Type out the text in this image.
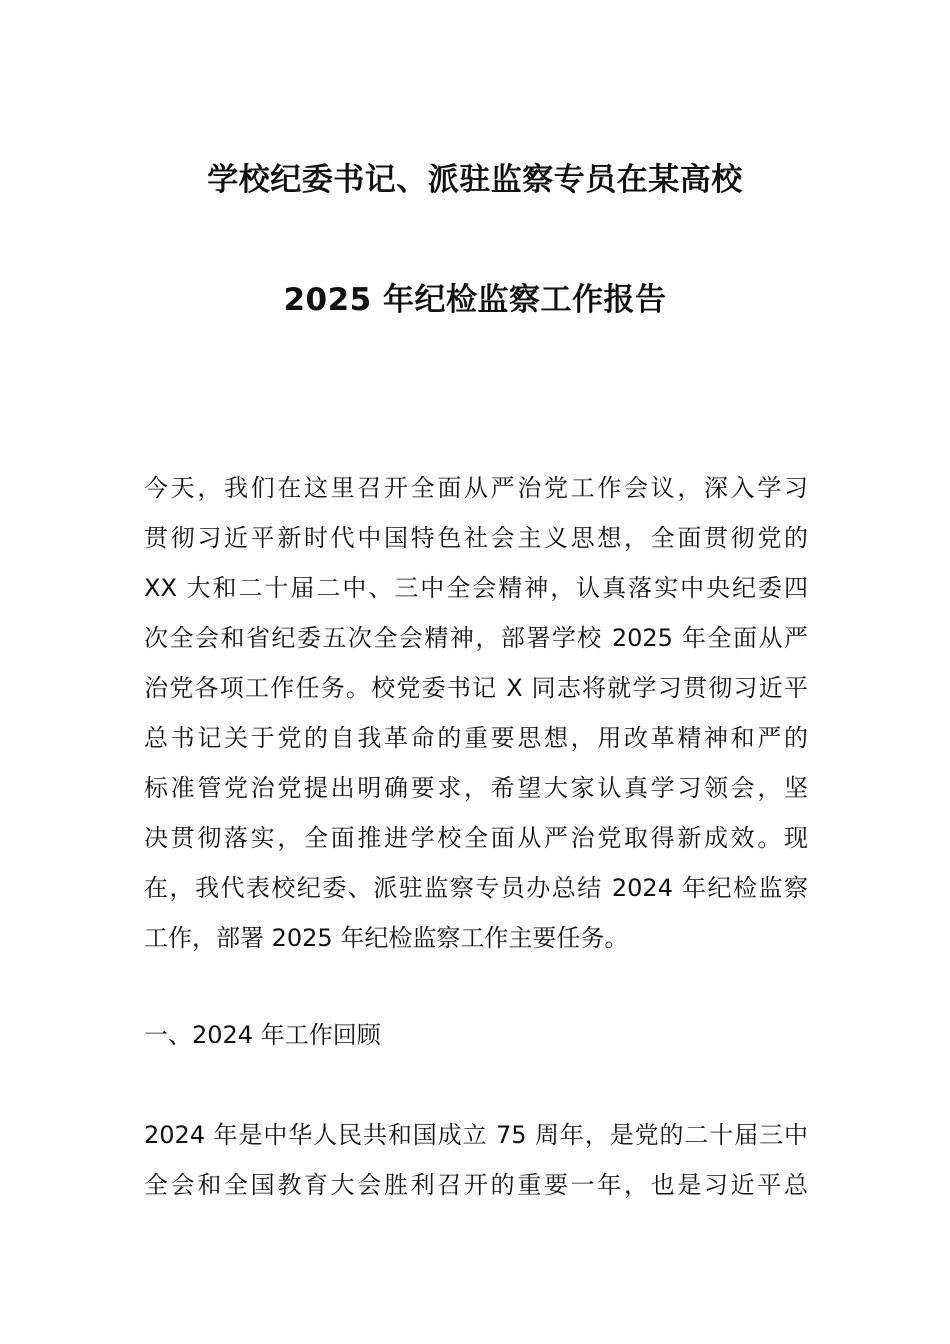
学校纪委书记、派驻监察专员在某高校
2025 年纪检监察工作报告
今天，我们在这里召开全面从严治党工作会议，深入学习
贯彻习近平新时代中国特色社会主义思想，全面贯彻党的
XX 大和二十届二中、三中全会精神，认真落实中央纪委四
次全会和省纪委五次全会精神，部署学校 2025 年全面从严
治党各项工作任务。校党委书记 X 同志将就学习贯彻习近平
总书记关于党的自我革命的重要思想，用改革精神和严的
标准管党治党提出明确要求，希望大家认真学习领会，坚
决贯彻落实，全面推进学校全面从严治党取得新成效。现
在，我代表校纪委、派驻监察专员办总结 2024 年纪检监察
工作，部署 2025 年纪检监察工作主要任务。
一、2024 年工作回顾
2024 年是中华人民共和国成立 75 周年，是党的二十届三中
全会和全国教育大会胜利召开的重要一年，也是习近平总
